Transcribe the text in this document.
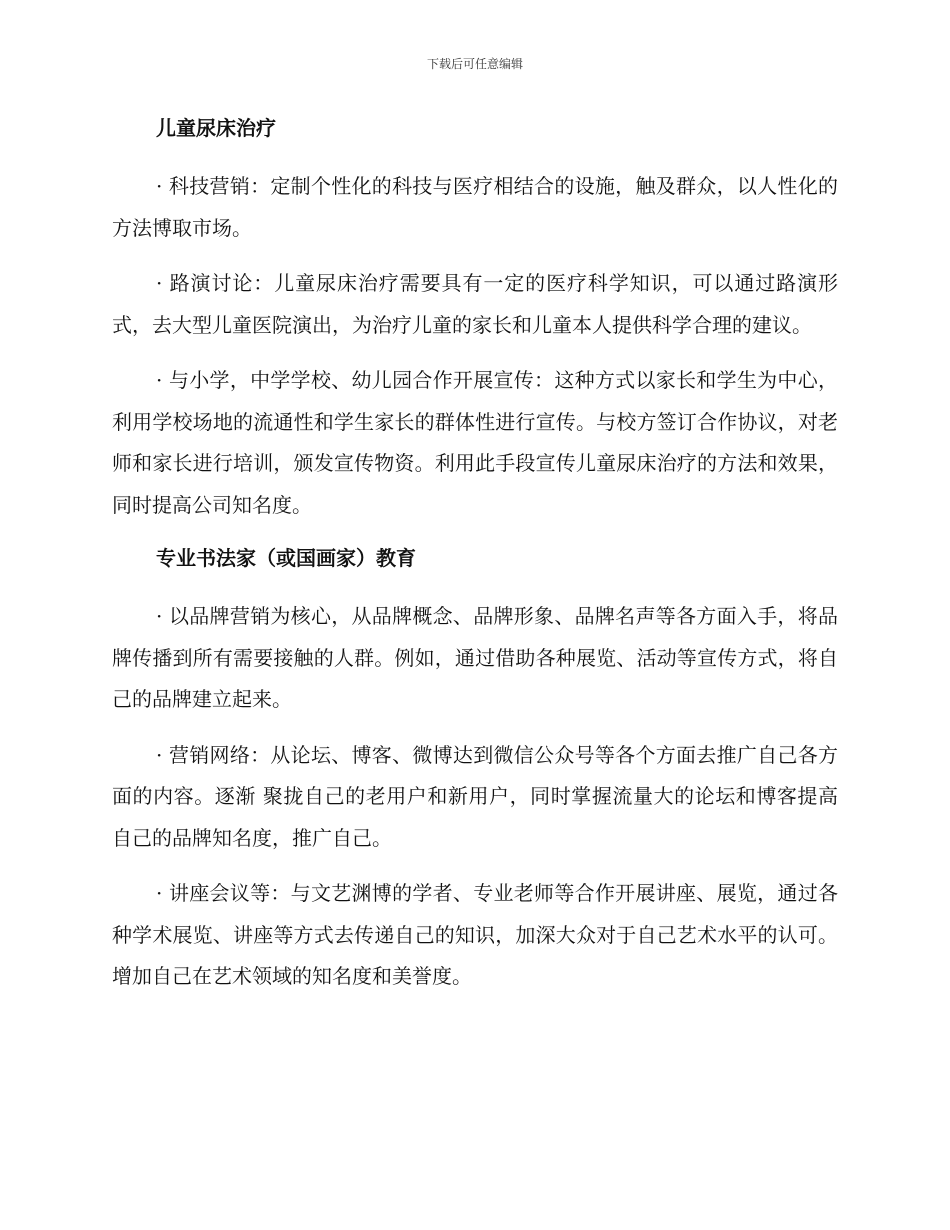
下载后可任意编辑
儿童尿床治疗

· 科技营销：定制个性化的科技与医疗相结合的设施，触及群众，以人性化的方法博取市场。

· 路演讨论：儿童尿床治疗需要具有一定的医疗科学知识，可以通过路演形式，去大型儿童医院演出，为治疗儿童的家长和儿童本人提供科学合理的建议。

· 与小学，中学学校、幼儿园合作开展宣传：这种方式以家长和学生为中心，利用学校场地的流通性和学生家长的群体性进行宣传。与校方签订合作协议，对老师和家长进行培训，颁发宣传物资。利用此手段宣传儿童尿床治疗的方法和效果，同时提高公司知名度。

专业书法家（或国画家）教育

· 以品牌营销为核心，从品牌概念、品牌形象、品牌名声等各方面入手，将品牌传播到所有需要接触的人群。例如，通过借助各种展览、活动等宣传方式，将自己的品牌建立起来。

· 营销网络：从论坛、博客、微博达到微信公众号等各个方面去推广自己各方面的内容。逐渐 聚拢自己的老用户和新用户，同时掌握流量大的论坛和博客提高自己的品牌知名度，推广自己。

· 讲座会议等：与文艺渊博的学者、专业老师等合作开展讲座、展览，通过各种学术展览、讲座等方式去传递自己的知识，加深大众对于自己艺术水平的认可。增加自己在艺术领域的知名度和美誉度。
